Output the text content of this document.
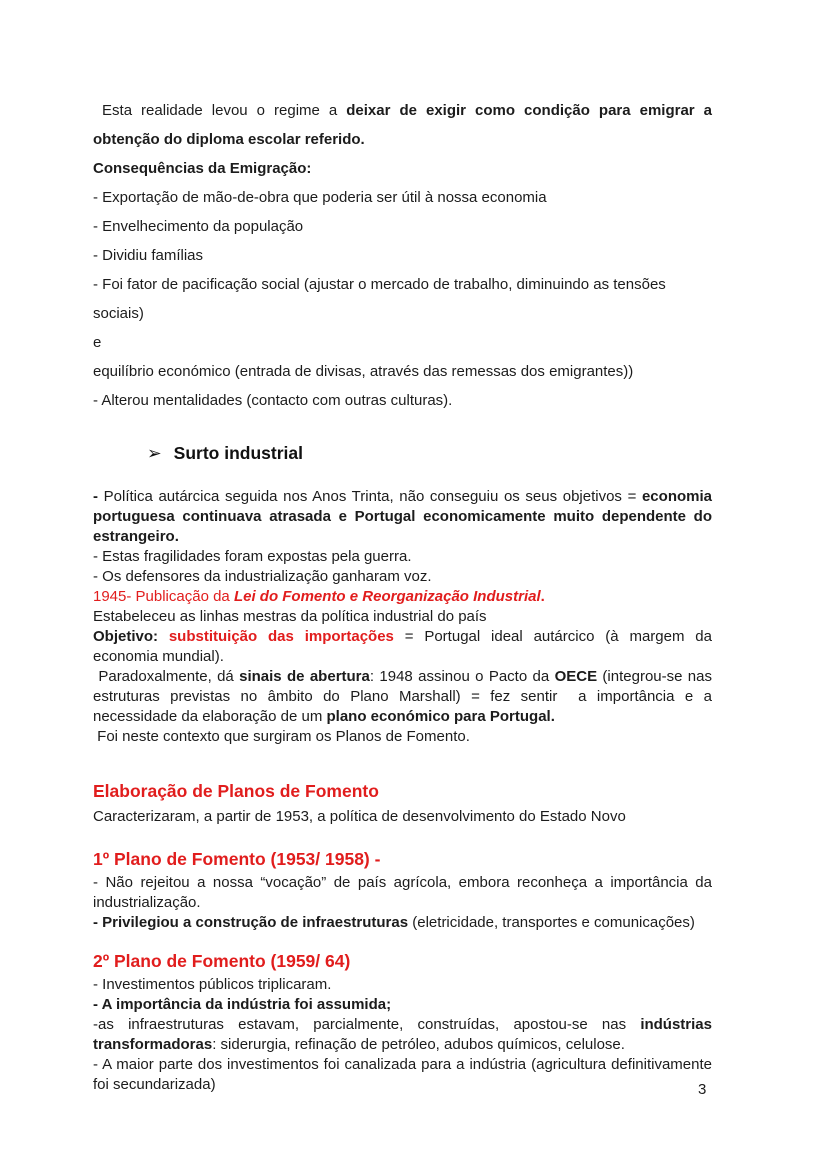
Esta realidade levou o regime a deixar de exigir como condição para emigrar a obtenção do diploma escolar referido.

Consequências da Emigração:

- Exportação de mão-de-obra que poderia ser útil à nossa economia

- Envelhecimento da população

- Dividiu famílias

- Foi fator de pacificação social (ajustar o mercado de trabalho, diminuindo as tensões sociais)

e

equilíbrio económico (entrada de divisas, através das remessas dos emigrantes))

- Alterou mentalidades (contacto com outras culturas).

➢ Surto industrial

- Política autárcica seguida nos Anos Trinta, não conseguiu os seus objetivos = economia portuguesa continuava atrasada e Portugal economicamente muito dependente do estrangeiro.

- Estas fragilidades foram expostas pela guerra.

- Os defensores da industrialização ganharam voz.

1945- Publicação da Lei do Fomento e Reorganização Industrial.

Estabeleceu as linhas mestras da política industrial do país

Objetivo: substituição das importações = Portugal ideal autárcico (à margem da economia mundial).

Paradoxalmente, dá sinais de abertura: 1948 assinou o Pacto da OECE (integrou-se nas estruturas previstas no âmbito do Plano Marshall) = fez sentir  a importância e a necessidade da elaboração de um plano económico para Portugal.

Foi neste contexto que surgiram os Planos de Fomento.

Elaboração de Planos de Fomento

Caracterizaram, a partir de 1953, a política de desenvolvimento do Estado Novo

1º Plano de Fomento (1953/ 1958) -

- Não rejeitou a nossa “vocação” de país agrícola, embora reconheça a importância da industrialização.

- Privilegiou a construção de infraestruturas (eletricidade, transportes e comunicações)

2º Plano de Fomento (1959/ 64)

- Investimentos públicos triplicaram.

- A importância da indústria foi assumida;

-as infraestruturas estavam, parcialmente, construídas, apostou-se nas indústrias transformadoras: siderurgia, refinação de petróleo, adubos químicos, celulose.

- A maior parte dos investimentos foi canalizada para a indústria (agricultura definitivamente foi secundarizada)	3
